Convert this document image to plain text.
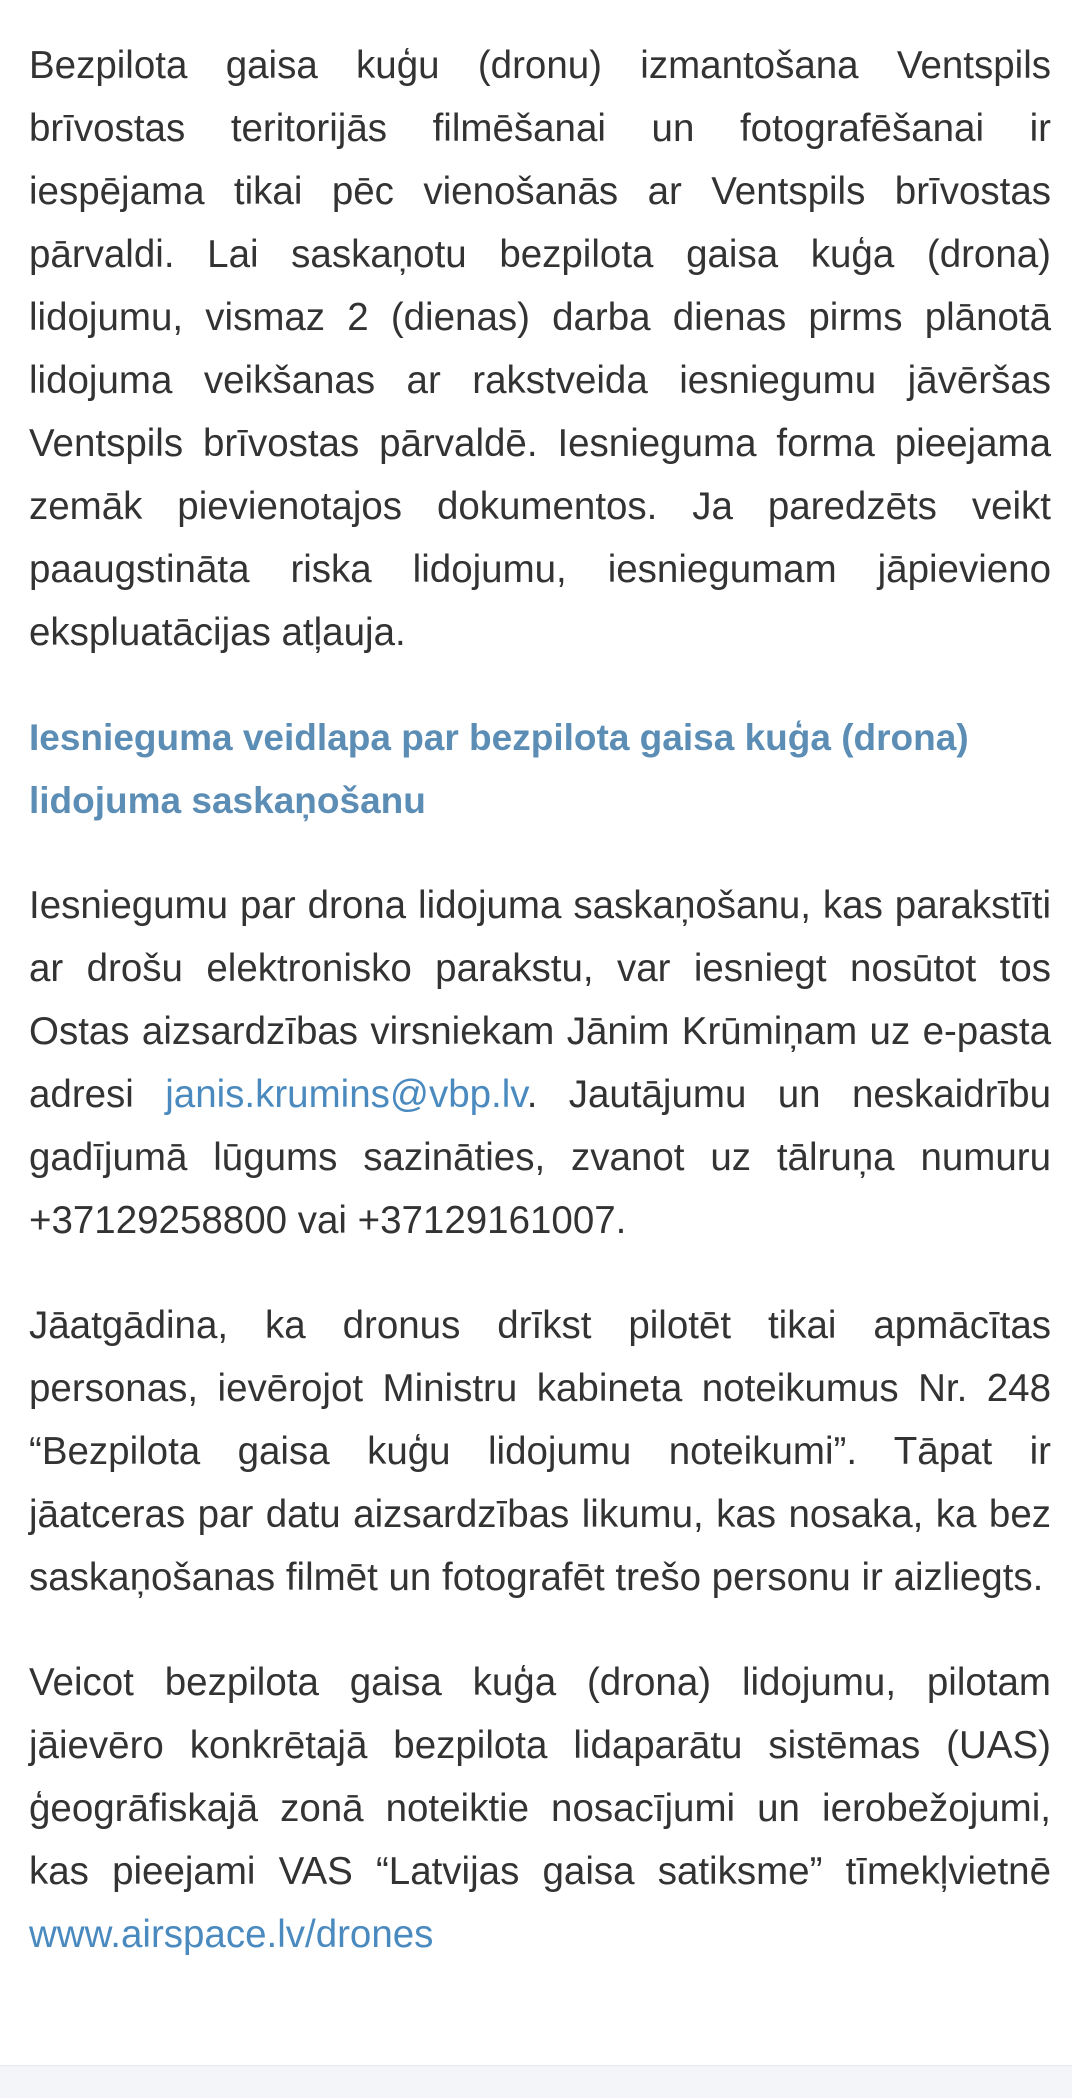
Bezpilota gaisa kuģu (dronu) izmantošana Ventspils brīvostas teritorijās filmēšanai un fotografēšanai ir iespējama tikai pēc vienošanās ar Ventspils brīvostas pārvaldi. Lai saskaņotu bezpilota gaisa kuģa (drona) lidojumu, vismaz 2 (dienas) darba dienas pirms plānotā lidojuma veikšanas ar rakstveida iesniegumu jāvēršas Ventspils brīvostas pārvaldē. Iesnieguma forma pieejama zemāk pievienotajos dokumentos. Ja paredzēts veikt paaugstināta riska lidojumu, iesniegumam jāpievieno ekspluatācijas atļauja.

Iesnieguma veidlapa par bezpilota gaisa kuģa (drona) lidojuma saskaņošanu

Iesniegumu par drona lidojuma saskaņošanu, kas parakstīti ar drošu elektronisko parakstu, var iesniegt nosūtot tos Ostas aizsardzības virsniekam Jānim Krūmiņam uz e-pasta adresi janis.krumins@vbp.lv. Jautājumu un neskaidrību gadījumā lūgums sazināties, zvanot uz tālruņa numuru +37129258800 vai +37129161007.

Jāatgādina, ka dronus drīkst pilotēt tikai apmācītas personas, ievērojot Ministru kabineta noteikumus Nr. 248 “Bezpilota gaisa kuģu lidojumu noteikumi”. Tāpat ir jāatceras par datu aizsardzības likumu, kas nosaka, ka bez saskaņošanas filmēt un fotografēt trešo personu ir aizliegts.

Veicot bezpilota gaisa kuģa (drona) lidojumu, pilotam jāievēro konkrētajā bezpilota lidaparātu sistēmas (UAS) ģeogrāfiskajā zonā noteiktie nosacījumi un ierobežojumi, kas pieejami VAS “Latvijas gaisa satiksme” tīmekļvietnē www.airspace.lv/drones
